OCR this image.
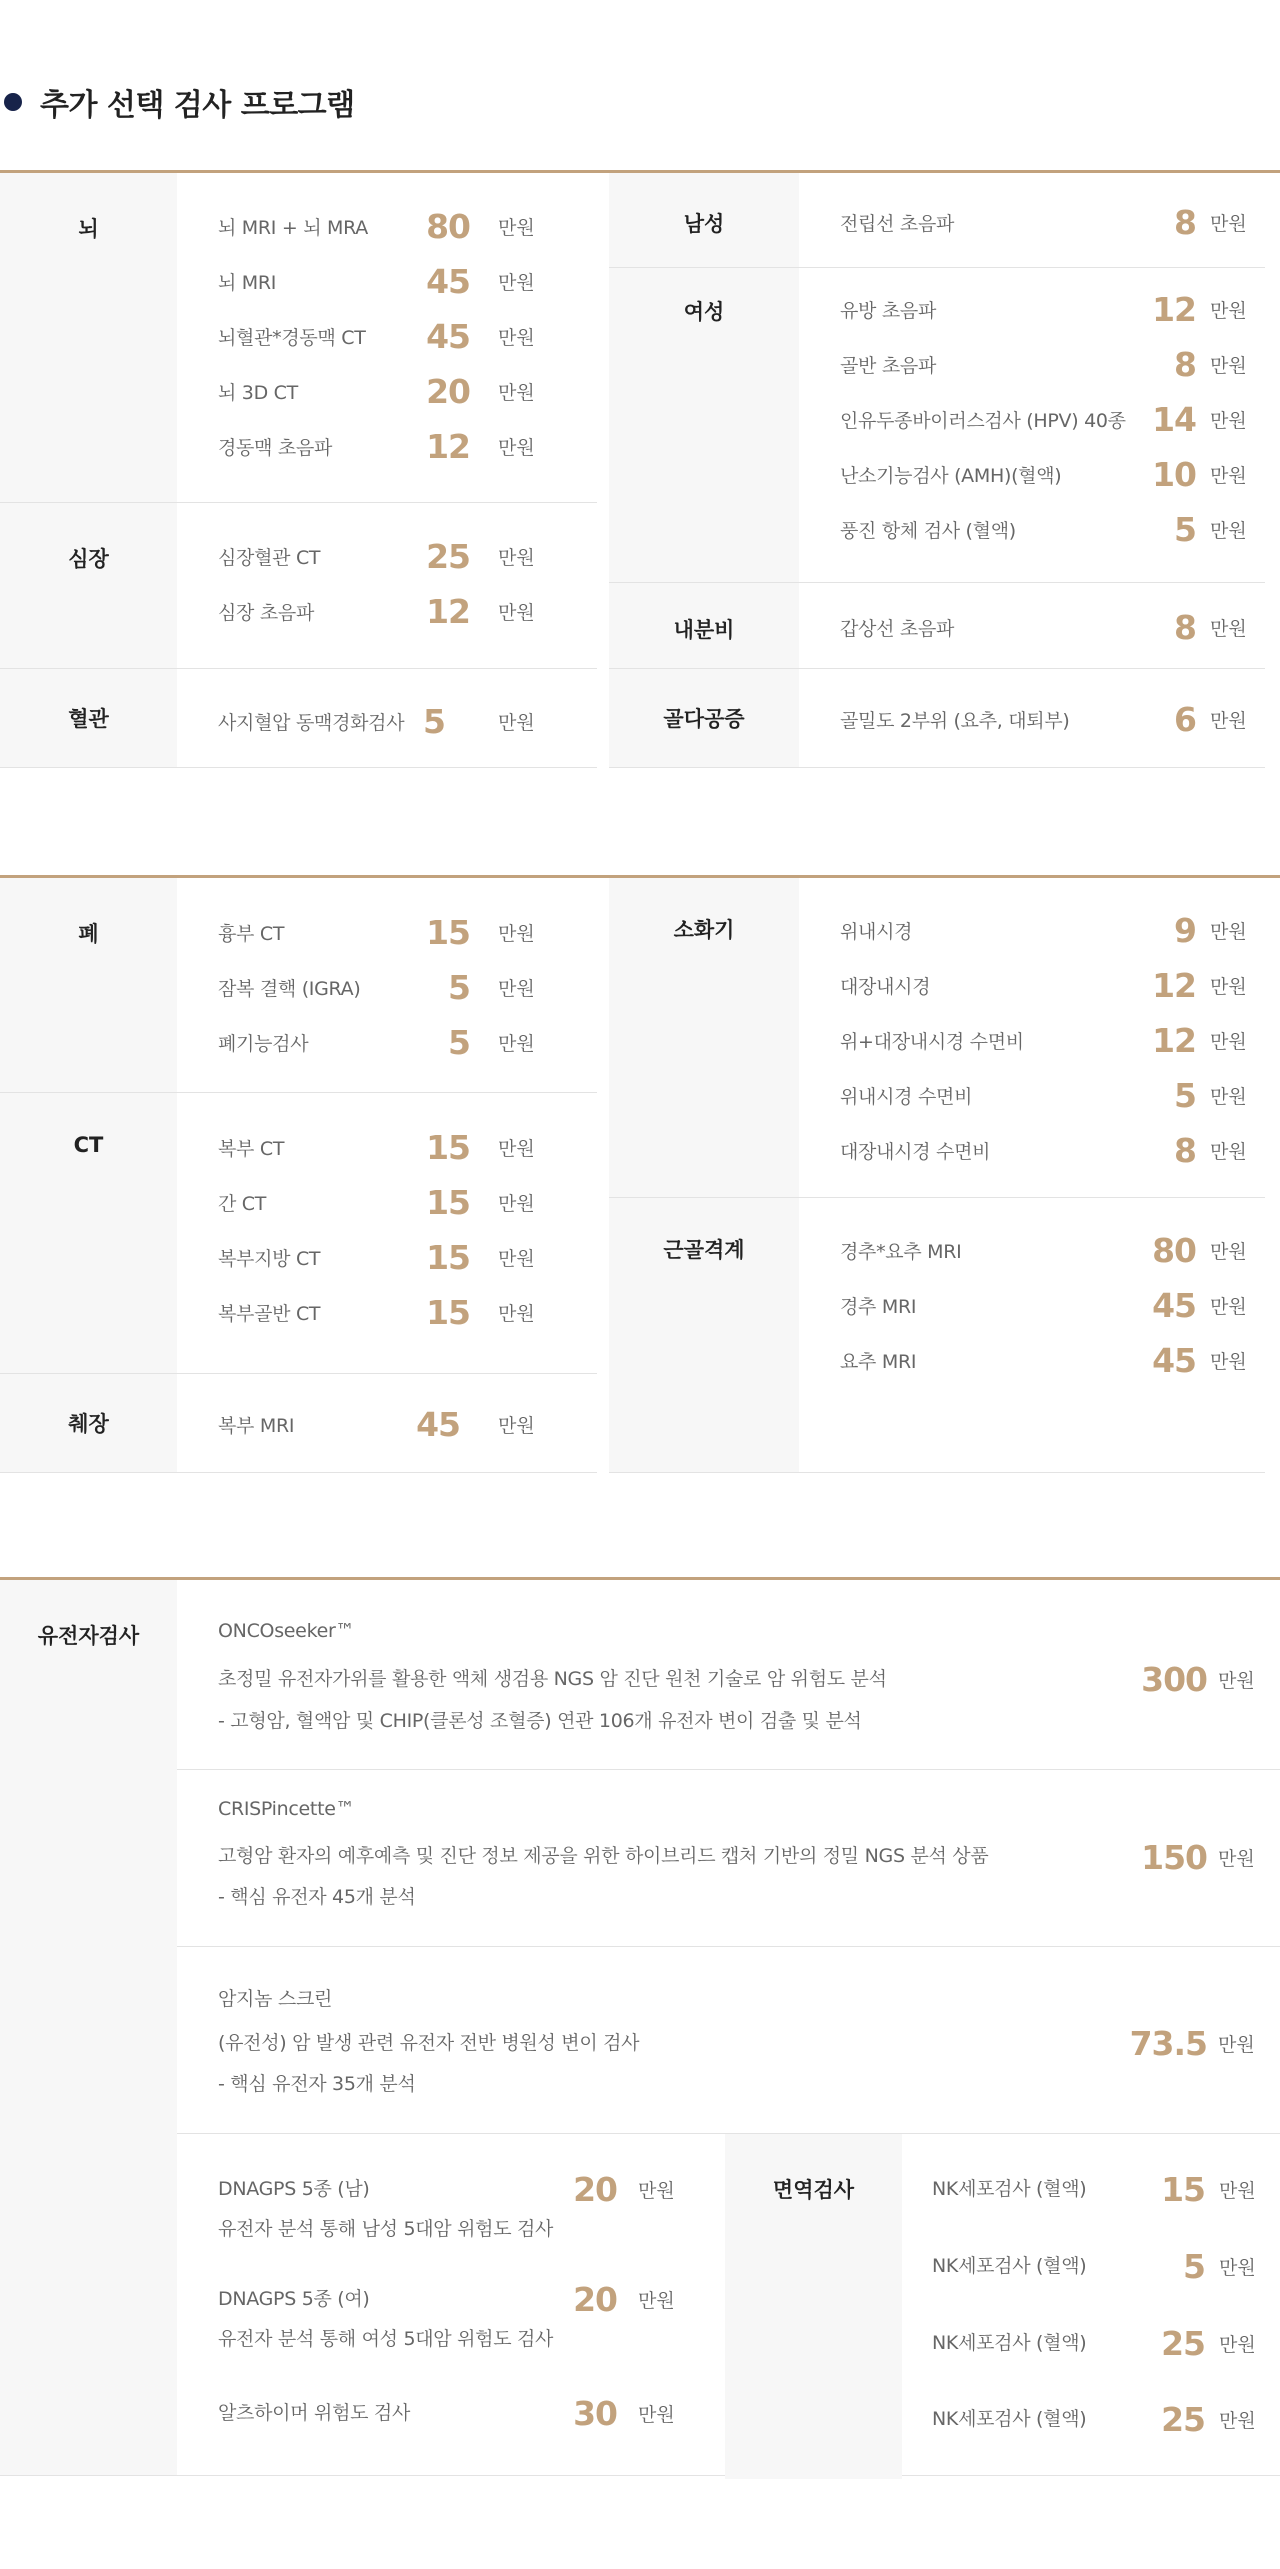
추가 선택 검사 프로그램
뇌	뇌 MRI + 뇌 MRA	80 만원
뇌 MRI	45 만원
뇌혈관*경동맥 CT	45 만원
뇌 3D CT	20 만원
경동맥 초음파	12 만원
심장	심장혈관 CT	25 만원
심장 초음파	12 만원
혈관	사지혈압 동맥경화검사 5	만원
남성	전립선 초음파	8 만원
여성	유방 초음파	12 만원
골반 초음파	8 만원
인유두종바이러스검사 (HPV) 40종 14 만원
난소기능검사 (AMH)(혈액)	10 만원
풍진 항체 검사 (혈액)	5 만원
내분비	갑상선 초음파	8 만원
골다공증	골밀도 2부위 (요추, 대퇴부)	6 만원
폐	흉부 CT	15 만원
잠복 결핵 (IGRA)	5 만원
폐기능검사	5 만원
CT	복부 CT	15 만원
간 CT	15 만원
복부지방 CT	15 만원
복부골반 CT	15 만원
췌장	복부 MRI	45 만원
소화기	위내시경	9 만원
대장내시경	12 만원
위+대장내시경 수면비	12 만원
위내시경 수면비	5 만원
대장내시경 수면비	8 만원
근골격계	경추*요추 MRI	80 만원
경추 MRI	45 만원
요추 MRI	45 만원
유전자검사	ONCOseeker™
초정밀 유전자가위를 활용한 액체 생검용 NGS 암 진단 원천 기술로 암 위험도 분석
- 고형암, 혈액암 및 CHIP(클론성 조혈증) 연관 106개 유전자 변이 검출 및 분석
300 만원
CRISPincette™
고형암 환자의 예후예측 및 진단 정보 제공을 위한 하이브리드 캡처 기반의 정밀 NGS 분석 상품
- 핵심 유전자 45개 분석
150 만원
암지놈 스크린
(유전성) 암 발생 관련 유전자 전반 병원성 변이 검사
- 핵심 유전자 35개 분석
73.5 만원
DNAGPS 5종 (남)
유전자 분석 통해 남성 5대암 위험도 검사
20 만원
DNAGPS 5종 (여)
유전자 분석 통해 여성 5대암 위험도 검사
20 만원
알츠하이머 위험도 검사	30 만원
면역검사	NK세포검사 (혈액)	15 만원
NK세포검사 (혈액)	5 만원
NK세포검사 (혈액)	25 만원
NK세포검사 (혈액)	25 만원
